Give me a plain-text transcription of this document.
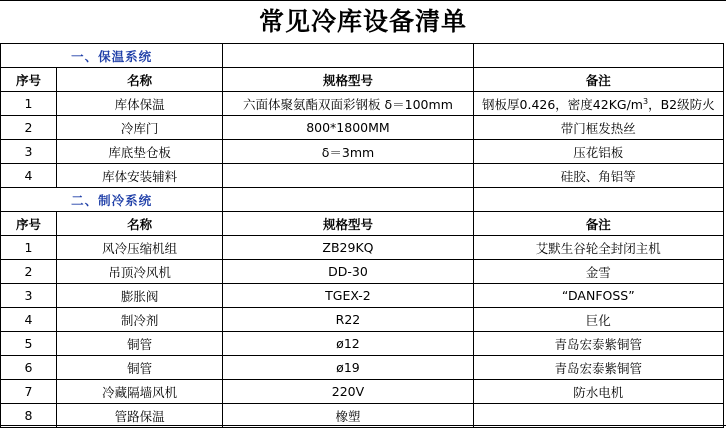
常见冷库设备清单
一、保温系统			
序号	名称	规格型号	备注
1	库体保温	六面体聚氨酯双面彩钢板 δ＝100mm	钢板厚0.426，密度$42KG/m^3$，B2级防火
2	冷库门	800*1800MM	带门框发热丝
3	库底垫仓板	δ＝3mm	压花铝板
4	库体安装辅料		硅胶、角铝等
二、制冷系统			
序号	名称	规格型号	备注
1	风冷压缩机组	ZB29KQ	艾默生谷轮全封闭主机
2	吊顶冷风机	DD-30	金雪
3	膨胀阀	TGEX-2	“DANFOSS”
4	制冷剂	R22	巨化
5	铜管	ø12	青岛宏泰紫铜管
6	铜管	ø19	青岛宏泰紫铜管
7	冷藏隔墙风机	220V	防水电机
8	管路保温	橡塑	
